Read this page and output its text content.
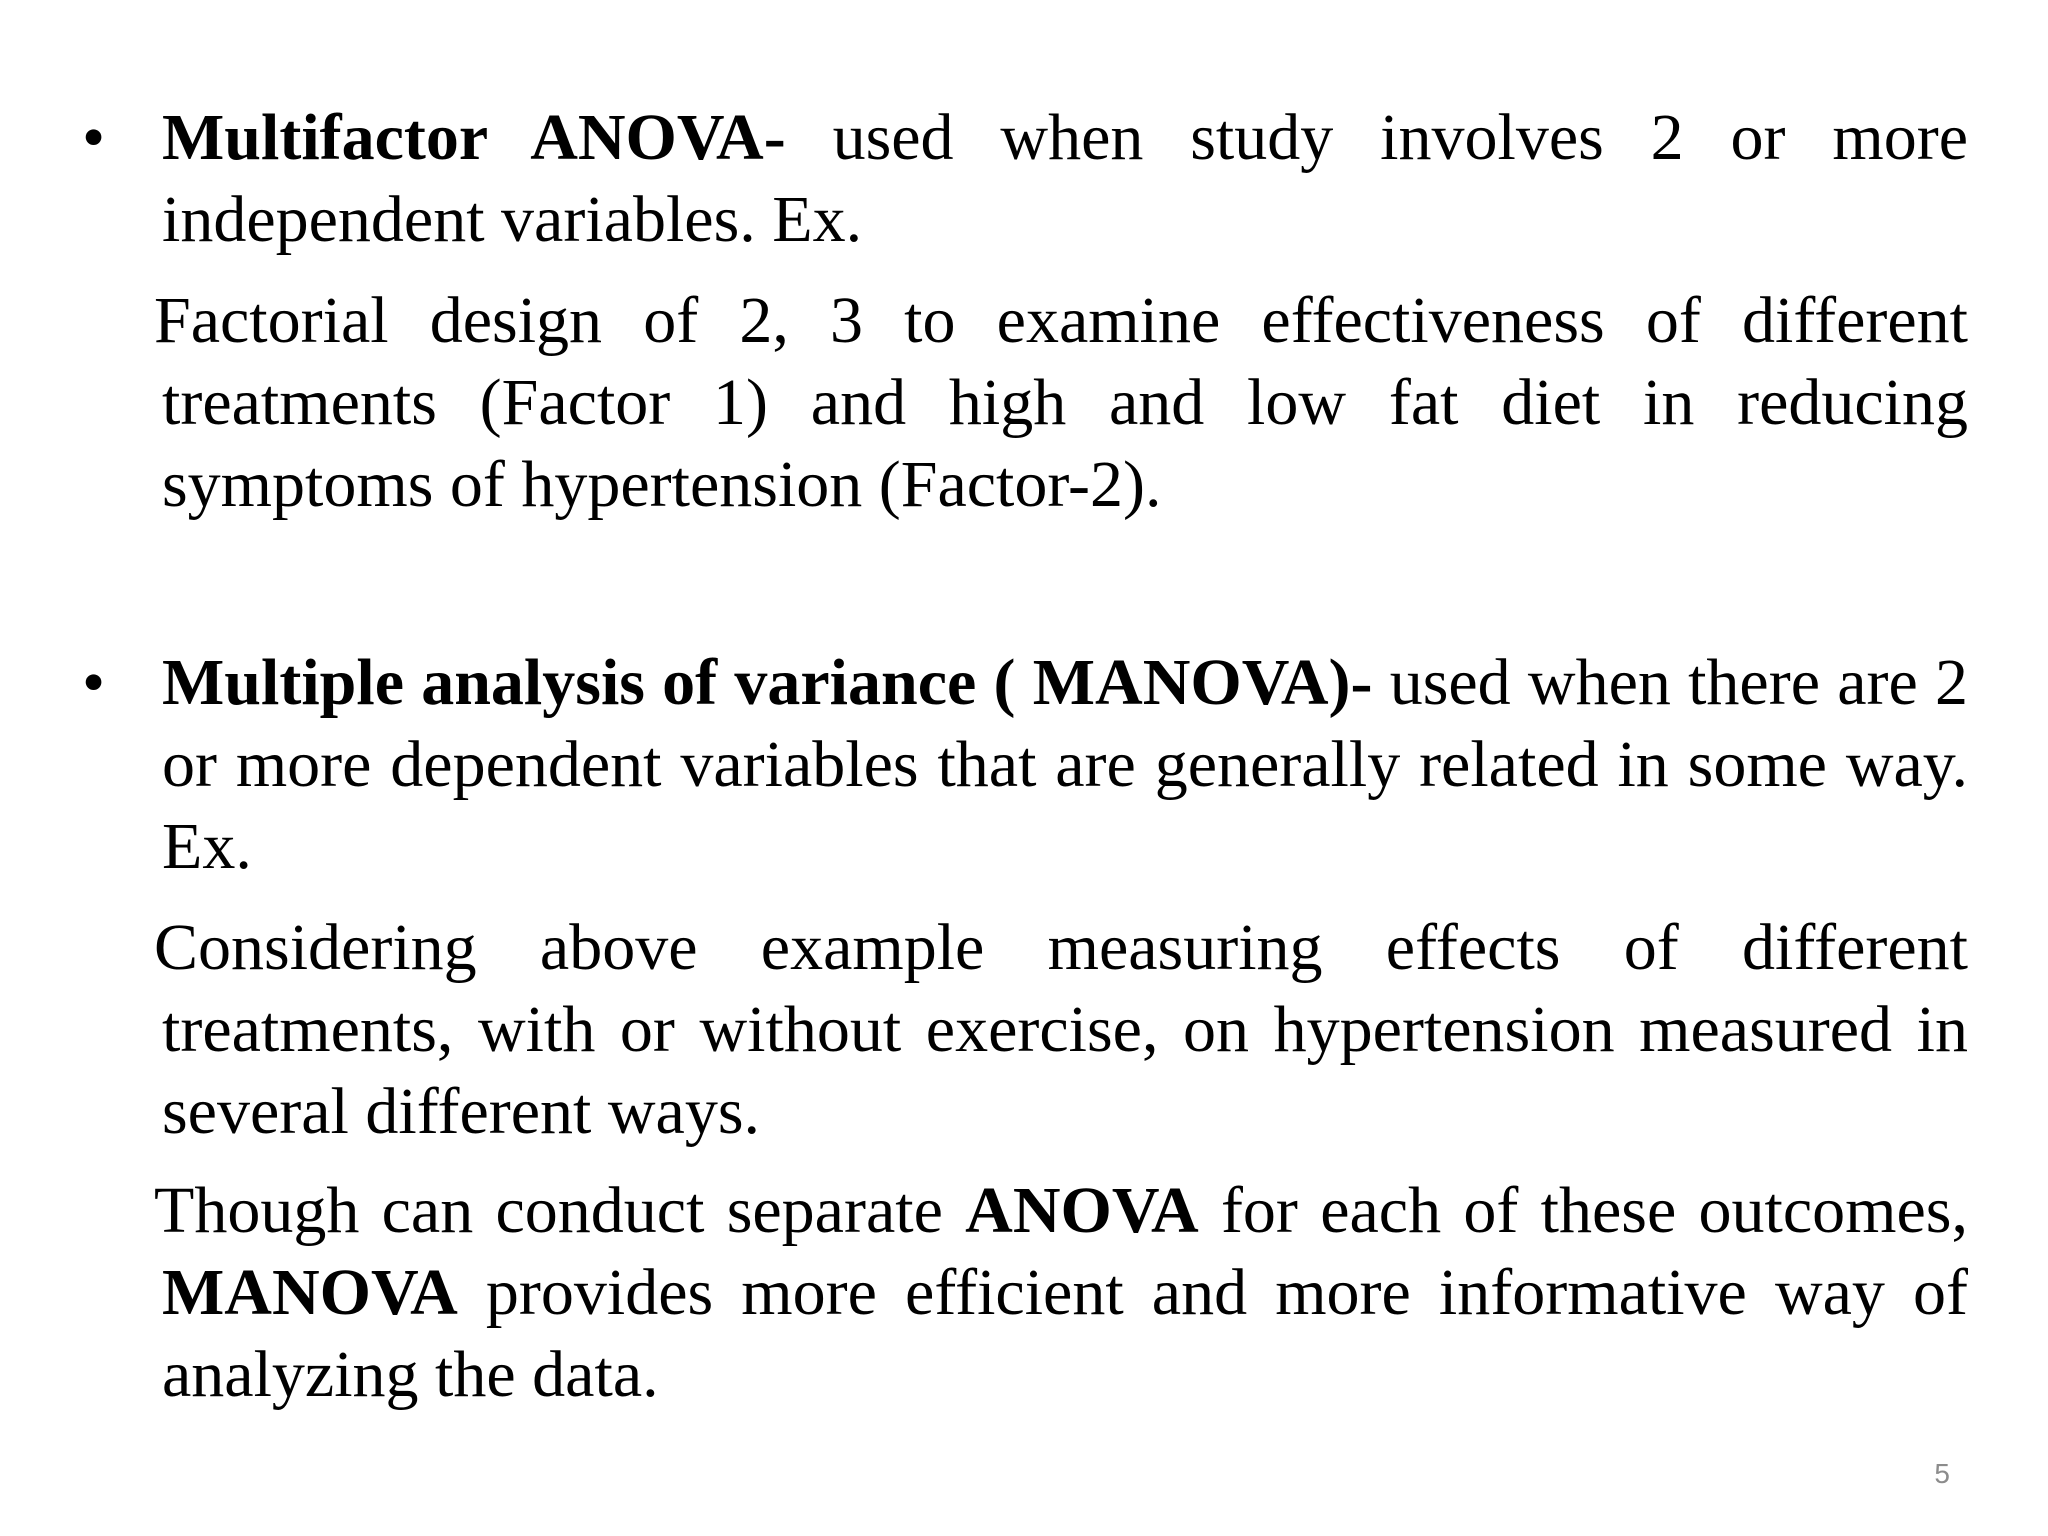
• Multifactor ANOVA- used when study involves 2 or more independent variables. Ex.
Factorial design of 2, 3 to examine effectiveness of different treatments (Factor 1) and high and low fat diet in reducing symptoms of hypertension (Factor-2).
• Multiple analysis of variance ( MANOVA)- used when there are 2 or more dependent variables that are generally related in some way. Ex.
Considering above example measuring effects of different treatments, with or without exercise, on hypertension measured in several different ways.
Though can conduct separate ANOVA for each of these outcomes, MANOVA provides more efficient and more informative way of analyzing the data.
5
